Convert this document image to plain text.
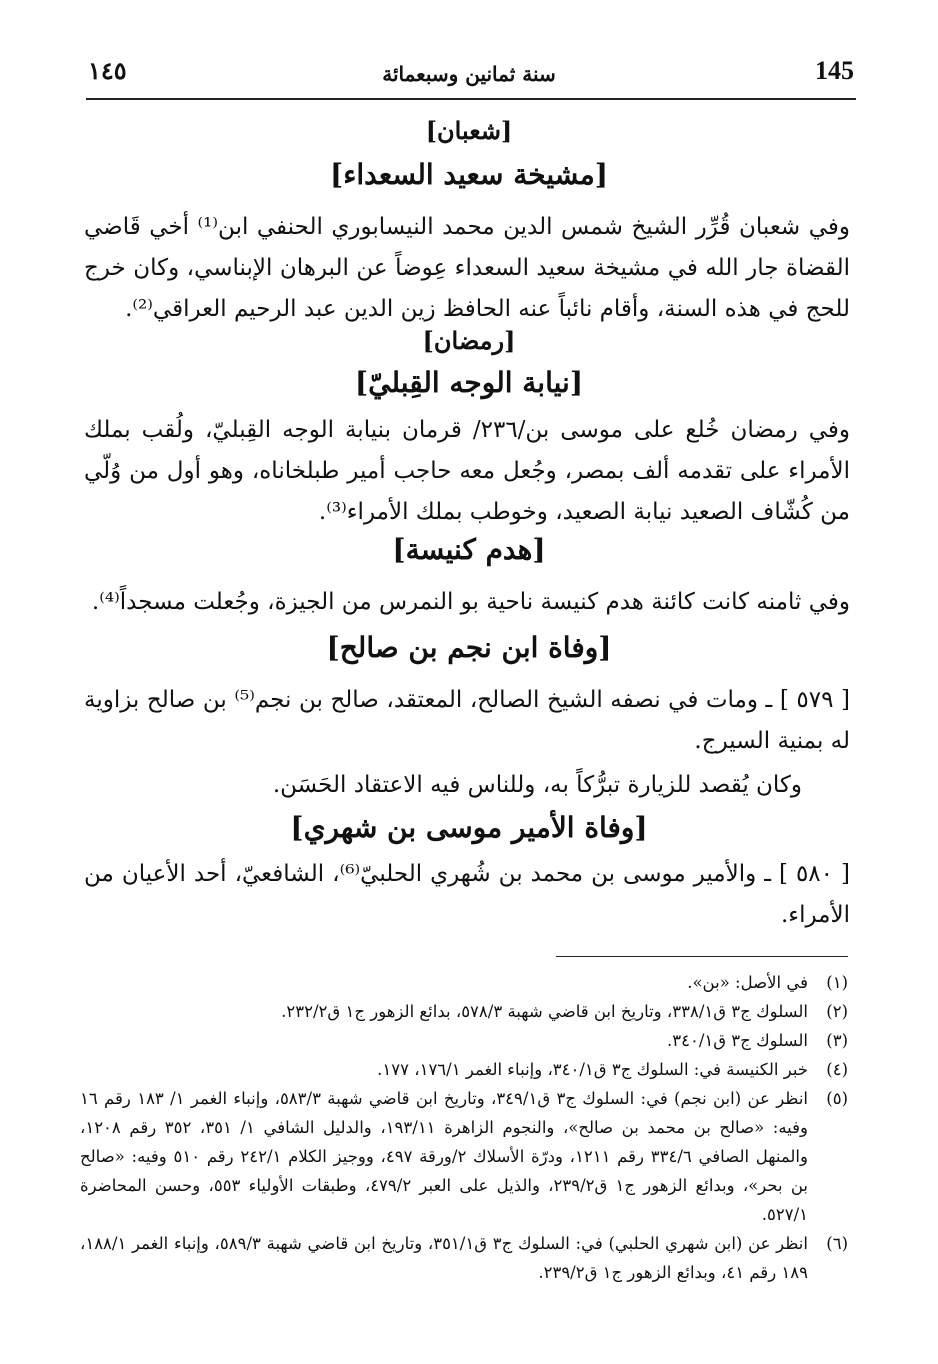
145
سنة ثمانين وسبعمائة
١٤٥
[شعبان]
[مشيخة سعيد السعداء]
وفي شعبان قُرِّر الشيخ شمس الدين محمد النيسابوري الحنفي ابن⁽¹⁾ أخي قَاضي القضاة جار الله في مشيخة سعيد السعداء عِوضاً عن البرهان الإبناسي، وكان خرج للحج في هذه السنة، وأقام نائباً عنه الحافظ زين الدين عبد الرحيم العراقي⁽²⁾.
[رمضان]
[نيابة الوجه القِبليّ]
وفي رمضان خُلع على موسى بن/٢٣٦/ قرمان بنيابة الوجه القِبليّ، ولُقب بملك الأمراء على تقدمه ألف بمصر، وجُعل معه حاجب أمير طبلخاناه، وهو أول من وُلّي من كُشّاف الصعيد نيابة الصعيد، وخوطب بملك الأمراء⁽³⁾.
[هدم كنيسة]
وفي ثامنه كانت كائنة هدم كنيسة ناحية بو النمرس من الجيزة، وجُعلت مسجداً⁽⁴⁾.
[وفاة ابن نجم بن صالح]
[ ٥٧٩ ] ـ ومات في نصفه الشيخ الصالح، المعتقد، صالح بن نجم⁽⁵⁾ بن صالح بزاوية له بمنية السيرج.
وكان يُقصد للزيارة تبرُّكاً به، وللناس فيه الاعتقاد الحَسَن.
[وفاة الأمير موسى بن شهري]
[ ٥٨٠ ] ـ والأمير موسى بن محمد بن شُهري الحلبيّ⁽⁶⁾، الشافعيّ، أحد الأعيان من الأمراء.
(١)
في الأصل: «بن».
(٢)
السلوك ج٣ ق٣٣٨/١، وتاريخ ابن قاضي شهبة ٥٧٨/٣، بدائع الزهور ج١ ق٢٣٢/٢.
(٣)
السلوك ج٣ ق٣٤٠/١.
(٤)
خبر الكنيسة في: السلوك ج٣ ق٣٤٠/١، وإنباء الغمر ١٧٦/١، ١٧٧.
(٥)
انظر عن (ابن نجم) في: السلوك ج٣ ق٣٤٩/١، وتاريخ ابن قاضي شهبة ٥٨٣/٣، وإنباء الغمر ١/ ١٨٣ رقم ١٦ وفيه: «صالح بن محمد بن صالح»، والنجوم الزاهرة ١٩٣/١١، والدليل الشافي ١/ ٣٥١، ٣٥٢ رقم ١٢٠٨، والمنهل الصافي ٣٣٤/٦ رقم ١٢١١، ودرّة الأسلاك ٢/ورقة ٤٩٧، ووجيز الكلام ٢٤٢/١ رقم ٥١٠ وفيه: «صالح بن بحر»، وبدائع الزهور ج١ ق٢٣٩/٢، والذيل على العبر ٤٧٩/٢، وطبقات الأولياء ٥٥٣، وحسن المحاضرة ٥٢٧/١.
(٦)
انظر عن (ابن شهري الحلبي) في: السلوك ج٣ ق٣٥١/١، وتاريخ ابن قاضي شهبة ٥٨٩/٣، وإنباء الغمر ١٨٨/١، ١٨٩ رقم ٤١، وبدائع الزهور ج١ ق٢٣٩/٢.
